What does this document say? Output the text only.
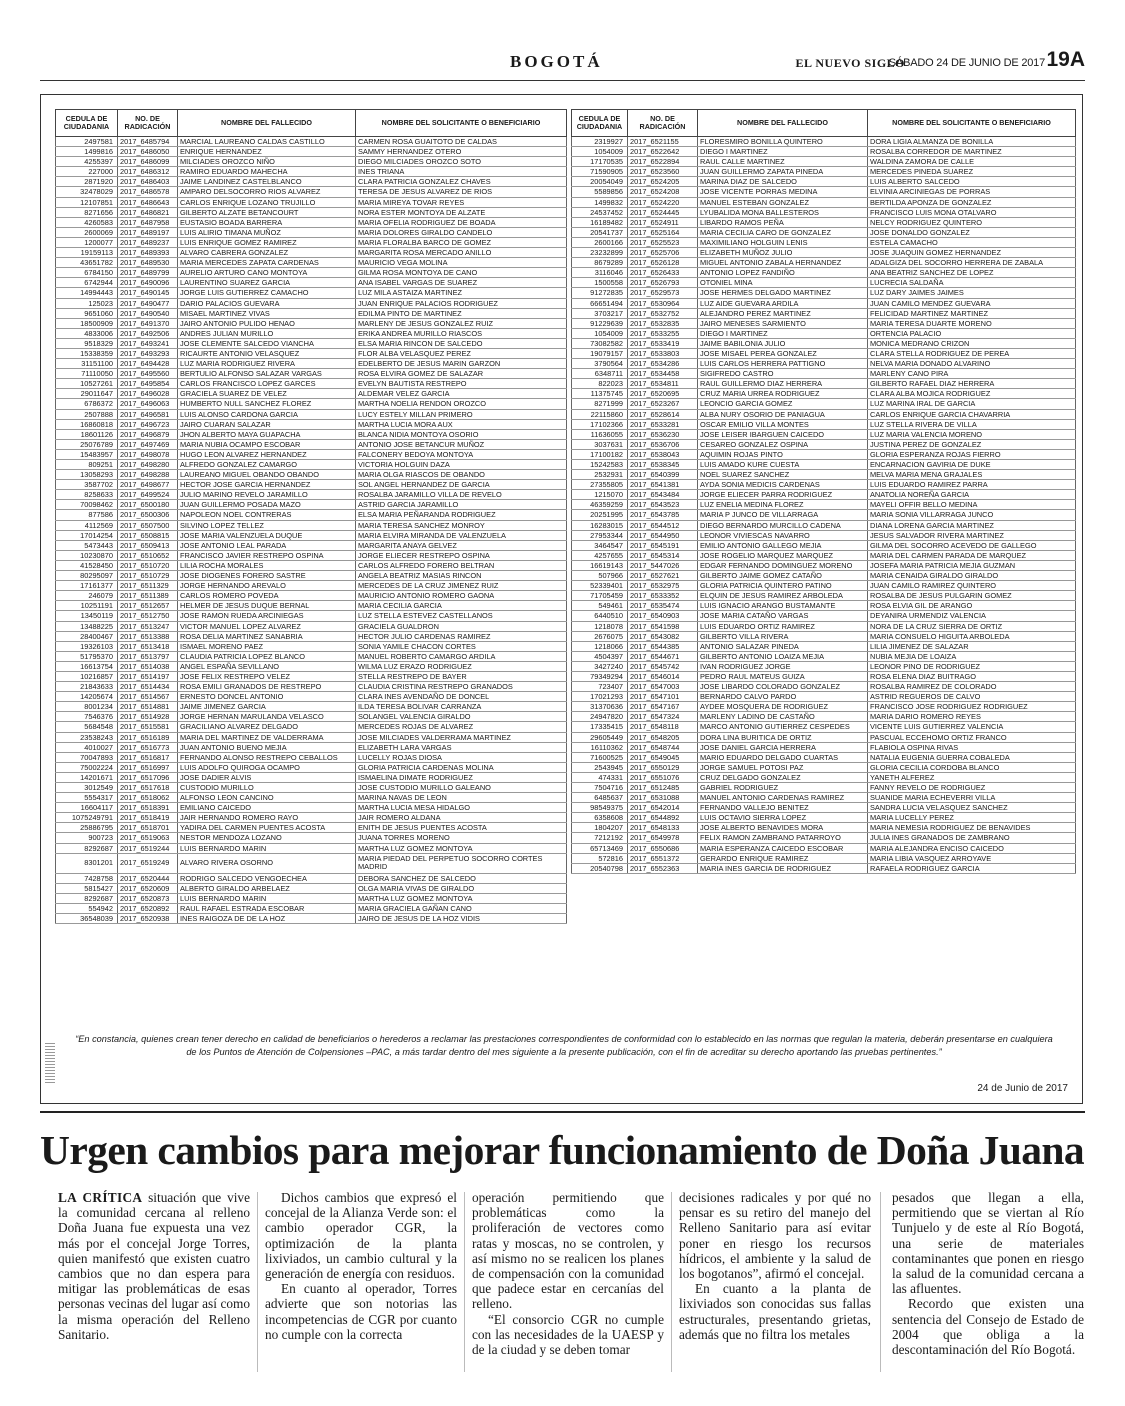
BOGOTÁ	EL NUEVO SIGLO
SÁBADO 24 DE JUNIO DE 2017 19A
CEDULA DE CIUDADANIA	NO. DE RADICACIÓN	NOMBRE DEL FALLECIDO	NOMBRE DEL SOLICITANTE O BENEFICIARIO
2497581	2017_6485794	MARCIAL LAUREANO CALDAS CASTILLO	CARMEN ROSA GUAITOTO DE CALDAS
1499816	2017_6486050	ENRIQUE HERNANDEZ	SAMMY HERNANDEZ OTERO
4255397	2017_6486099	MILCIADES OROZCO NIÑO	DIEGO MILCIADES OROZCO SOTO
227000	2017_6486312	RAMIRO EDUARDO MAHECHA	INES TRIANA
2871920	2017_6486403	JAIME LANDINEZ CASTELBLANCO	CLARA PATRICIA GONZALEZ CHAVES
32478029	2017_6486578	AMPARO DELSOCORRO RIOS ALVAREZ	TERESA DE JESUS ALVAREZ DE RIOS
12107851	2017_6486643	CARLOS ENRIQUE LOZANO TRUJILLO	MARIA MIREYA TOVAR REYES
8271656	2017_6486821	GILBERTO ALZATE BETANCOURT	NORA ESTER MONTOYA DE ALZATE
4260583	2017_6487958	EUSTASIO BOADA BARRERA	MARIA OFELIA RODRIGUEZ DE BOADA
2600069	2017_6489197	LUIS ALIRIO TIMANA MUÑOZ	MARIA DOLORES GIRALDO CANDELO
1200077	2017_6489237	LUIS ENRIQUE GOMEZ RAMIREZ	MARIA FLORALBA BARCO DE GOMEZ
19159113	2017_6489393	ALVARO CABRERA GONZALEZ	MARGARITA ROSA MERCADO ANILLO
43651782	2017_6489530	MARIA MERCEDES ZAPATA CARDENAS	MAURICIO VEGA MOLINA
6784150	2017_6489799	AURELIO ARTURO CANO MONTOYA	GILMA ROSA MONTOYA DE CANO
6742944	2017_6490096	LAURENTINO SUAREZ GARCIA	ANA ISABEL VARGAS DE SUAREZ
14994443	2017_6490145	JORGE LUIS GUTIERREZ CAMACHO	LUZ MILA ASTAIZA MARTINEZ
125023	2017_6490477	DARIO PALACIOS GUEVARA	JUAN ENRIQUE PALACIOS RODRIGUEZ
9651060	2017_6490540	MISAEL MARTINEZ VIVAS	EDILMA PINTO DE MARTINEZ
18500909	2017_6491370	JAIRO ANTONIO PULIDO HENAO	MARLENY DE JESUS GONZALEZ RUIZ
4833006	2017_6492506	ANDRES JULIAN MURILLO	ERIKA ANDREA MURILLO RIASCOS
9518329	2017_6493241	JOSE CLEMENTE SALCEDO VIANCHA	ELSA MARIA RINCON DE SALCEDO
15338359	2017_6493293	RICAURTE ANTONIO VELASQUEZ	FLOR ALBA VELASQUEZ PEREZ
31151100	2017_6494428	LUZ MARIA RODRIGUEZ RIVERA	EDELBERTO DE JESUS MARIN GARZON
71110050	2017_6495560	BERTULIO ALFONSO SALAZAR VARGAS	ROSA ELVIRA GOMEZ DE SALAZAR
10527261	2017_6495854	CARLOS FRANCISCO LOPEZ GARCES	EVELYN BAUTISTA RESTREPO
29011647	2017_6496028	GRACIELA SUAREZ DE VELEZ	ALDEMAR VELEZ GARCIA
6786372	2017_6496063	HUMBERTO NULL SANCHEZ FLOREZ	MARTHA NOELIA RENDON OROZCO
2507888	2017_6496581	LUIS ALONSO CARDONA GARCIA	LUCY ESTELY MILLAN PRIMERO
16860818	2017_6496723	JAIRO CUARAN SALAZAR	MARTHA LUCIA MORA AUX
18601126	2017_6496879	JHON ALBERTO MAYA GUAPACHA	BLANCA NIDIA MONTOYA OSORIO
25076789	2017_6497469	MARIA NUBIA OCAMPO ESCOBAR	ANTONIO JOSE BETANCUR MUÑOZ
15483957	2017_6498078	HUGO LEON ALVAREZ HERNANDEZ	FALCONERY BEDOYA MONTOYA
809251	2017_6498280	ALFREDO GONZALEZ CAMARGO	VICTORIA HOLGUIN DAZA
13058293	2017_6498288	LAUREANO MIGUEL OBANDO OBANDO	MARIA OLGA RIASCOS DE OBANDO
3587702	2017_6498677	HECTOR JOSE GARCIA HERNANDEZ	SOL ANGEL HERNANDEZ DE GARCIA
8258633	2017_6499524	JULIO MARINO REVELO JARAMILLO	ROSALBA JARAMILLO VILLA DE REVELO
70098462	2017_6500180	JUAN GUILLERMO POSADA MAZO	ASTRID GARCIA JARAMILLO
877586	2017_6500306	NAPOLEON NOEL CONTRERAS	ELSA MARIA PEÑARANDA RODRIGUEZ
4112569	2017_6507500	SILVINO LOPEZ TELLEZ	MARIA TERESA SANCHEZ MONROY
17014254	2017_6508815	JOSE MARIA VALENZUELA DUQUE	MARIA ELVIRA MIRANDA DE VALENZUELA
5473443	2017_6509413	JOSE ANTONIO LEAL PARADA	MARGARITA ANAYA GELVEZ
10230870	2017_6510652	FRANCISCO JAVIER RESTREPO OSPINA	JORGE ELIECER RESTREPO OSPINA
41528450	2017_6510720	LILIA ROCHA MORALES	CARLOS ALFREDO FORERO BELTRAN
80295097	2017_6510729	JOSE DIOGENES FORERO SASTRE	ANGELA BEATRIZ MASIAS RINCON
17161377	2017_6511329	JORGE HERNANDO AREVALO	MERCEDES DE LA CRUZ JIMENEZ RUIZ
246079	2017_6511389	CARLOS ROMERO POVEDA	MAURICIO ANTONIO ROMERO GAONA
10251191	2017_6512657	HELMER DE JESUS DUQUE BERNAL	MARIA CECILIA GARCIA
13450119	2017_6512750	JOSE RAMON RUEDA ARCINIEGAS	LUZ STELLA ESTEVEZ CASTELLANOS
13488225	2017_6513247	VICTOR MANUEL LOPEZ ALVAREZ	GRACIELA GUALDRON
28400467	2017_6513388	ROSA DELIA MARTINEZ SANABRIA	HECTOR JULIO CARDENAS RAMIREZ
19326103	2017_6513418	ISMAEL MORENO PAEZ	SONIA YAMILE CHACON CORTES
51795370	2017_6513797	CLAUDIA PATRICIA LOPEZ BLANCO	MANUEL ROBERTO CAMARGO ARDILA
16613754	2017_6514038	ANGEL ESPAÑA SEVILLANO	WILMA LUZ ERAZO RODRIGUEZ
10216857	2017_6514197	JOSE FELIX RESTREPO VELEZ	STELLA RESTREPO DE BAYER
21843633	2017_6514434	ROSA EMILI GRANADOS DE RESTREPO	CLAUDIA CRISTINA RESTREPO GRANADOS
14205674	2017_6514567	ERNESTO DONCEL ANTONIO	CLARA INES AVENDAÑO DE DONCEL
8001234	2017_6514881	JAIME JIMENEZ GARCIA	ILDA TERESA BOLIVAR CARRANZA
7546376	2017_6514928	JORGE HERNAN MARULANDA VELASCO	SOLANGEL VALENCIA GIRALDO
5684548	2017_6515581	GRACILIANO ALVAREZ DELGADO	MERCEDES ROJAS DE ALVAREZ
23538243	2017_6516189	MARIA DEL MARTINEZ DE VALDERRAMA	JOSE MILCIADES VALDERRAMA MARTINEZ
4010027	2017_6516773	JUAN ANTONIO BUENO MEJIA	ELIZABETH LARA VARGAS
70047893	2017_6516817	FERNANDO ALONSO RESTREPO CEBALLOS	LUCELLY ROJAS DIOSA
75002224	2017_6516997	LUIS ADOLFO QUIROGA OCAMPO	GLORIA PATRICIA CARDENAS MOLINA
14201671	2017_6517096	JOSE DADIER ALVIS	ISMAELINA DIMATE RODRIGUEZ
3012549	2017_6517618	CUSTODIO MURILLO	JOSE CUSTODIO MURILLO GALEANO
5554317	2017_6518062	ALFONSO LEON CANCINO	MARINA NAVAS DE LEON
16604117	2017_6518391	EMILIANO CAICEDO	MARTHA LUCIA MESA HIDALGO
1075249791	2017_6518419	JAIR HERNANDO ROMERO RAYO	JAIR ROMERO ALDANA
25886795	2017_6518701	YADIRA DEL CARMEN PUENTES ACOSTA	ENITH DE JESUS PUENTES ACOSTA
900723	2017_6519063	NESTOR MENDOZA LOZANO	JUANA TORRES MORENO
8292687	2017_6519244	LUIS BERNARDO MARIN	MARTHA LUZ GOMEZ MONTOYA
8301201	2017_6519249	ALVARO RIVERA OSORNO	MARIA PIEDAD DEL PERPETUO SOCORRO CORTES MADRID
7428758	2017_6520444	RODRIGO SALCEDO VENGOECHEA	DEBORA SANCHEZ DE SALCEDO
5815427	2017_6520609	ALBERTO GIRALDO ARBELAEZ	OLGA MARIA VIVAS DE GIRALDO
8292687	2017_6520873	LUIS BERNARDO MARIN	MARTHA LUZ GOMEZ MONTOYA
554942	2017_6520892	RAUL RAFAEL ESTRADA ESCOBAR	MARIA GRACIELA GAÑAN CANO
36548039	2017_6520938	INES RAIGOZA DE DE LA HOZ	JAIRO DE JESUS DE LA HOZ VIDIS
CEDULA DE CIUDADANIA	NO. DE RADICACIÓN	NOMBRE DEL FALLECIDO	NOMBRE DEL SOLICITANTE O BENEFICIARIO
2319927	2017_6521155	FLORESMIRO BONILLA QUINTERO	DORA LIGIA ALMANZA DE BONILLA
1054009	2017_6522642	DIEGO I MARTINEZ	ROSALBA CORREDOR DE MARTINEZ
17170535	2017_6522894	RAUL CALLE MARTINEZ	WALDINA ZAMORA DE CALLE
71590905	2017_6523560	JUAN GUILLERMO ZAPATA PINEDA	MERCEDES PINEDA SUAREZ
20054049	2017_6524205	MARINA DIAZ DE SALCEDO	LUIS ALBERTO SALCEDO
5589856	2017_6524208	JOSE VICENTE PORRAS MEDINA	ELVINIA ARCINIEGAS DE PORRAS
1499832	2017_6524220	MANUEL ESTEBAN GONZALEZ	BERTILDA APONZA DE GONZALEZ
24537452	2017_6524445	LYUBALIDA MONA BALLESTEROS	FRANCISCO LUIS MONA OTALVARO
16189482	2017_6524911	LIBARDO RAMOS PEÑA	NELCY RODRIGUEZ QUINTERO
20541737	2017_6525164	MARIA CECILIA CARO DE GONZALEZ	JOSE DONALDO GONZALEZ
2600166	2017_6525523	MAXIMILIANO HOLGUIN LENIS	ESTELA CAMACHO
23232899	2017_6525706	ELIZABETH MUÑOZ JULIO	JOSE JUAQUIN GOMEZ HERNANDEZ
8679289	2017_6526128	MIGUEL ANTONIO ZABALA HERNANDEZ	ADALGIZA DEL SOCORRO HERRERA DE ZABALA
3116046	2017_6526433	ANTONIO LOPEZ FANDIÑO	ANA BEATRIZ SANCHEZ DE LOPEZ
1500558	2017_6526793	OTONIEL MINA	LUCRECIA SALDAÑA
91272835	2017_6529573	JOSE HERMES DELGADO MARTINEZ	LUZ DARY JAIMES JAIMES
66651494	2017_6530964	LUZ AIDE GUEVARA ARDILA	JUAN CAMILO MENDEZ GUEVARA
3703217	2017_6532752	ALEJANDRO PEREZ MARTINEZ	FELICIDAD MARTINEZ MARTINEZ
91229639	2017_6532835	JAIRO MENESES SARMIENTO	MARIA TERESA DUARTE MORENO
1054009	2017_6533255	DIEGO I MARTINEZ	ORTENCIA PALACIO
73082582	2017_6533419	JAIME BABILONIA JULIO	MONICA MEDRANO CRIZON
19079157	2017_6533803	JOSE MISAEL PEREA GONZALEZ	CLARA STELLA RODRIGUEZ DE PEREA
3790564	2017_6534286	LUIS CARLOS HERRERA PATTIGNO	NELVA MARIA DONADO ALVARINO
6348711	2017_6534458	SIGIFREDO CASTRO	MARLENY CANO PIRA
822023	2017_6534811	RAUL GUILLERMO DIAZ HERRERA	GILBERTO RAFAEL DIAZ HERRERA
11375745	2017_6520695	CRUZ MARIA URREA RODRIGUEZ	CLARA ALBA MOJICA RODRIGUEZ
8271999	2017_6523267	LEONCIO GARCIA GOMEZ	LUZ MARINA IRAL DE GARCIA
22115860	2017_6528614	ALBA NURY OSORIO DE PANIAGUA	CARLOS ENRIQUE GARCIA CHAVARRIA
17102366	2017_6533281	OSCAR EMILIO VILLA MONTES	LUZ STELLA RIVERA DE VILLA
11636055	2017_6536230	JOSE LEISER IBARGUEN CAICEDO	LUZ MARIA VALENCIA MORENO
3037631	2017_6536706	CESAREO GONZALEZ OSPINA	JUSTINA PEREZ DE GONZALEZ
17100182	2017_6538043	AQUIMIN ROJAS PINTO	GLORIA ESPERANZA ROJAS FIERRO
15242583	2017_6538345	LUIS AMADO KURE CUESTA	ENCARNACION GAVIRIA DE DUKE
2532931	2017_6540399	NOEL SUAREZ SANCHEZ	MELVA MARIA MENA GRAJALES
27355805	2017_6541381	AYDA SONIA MEDICIS CARDENAS	LUIS EDUARDO RAMIREZ PARRA
1215070	2017_6543484	JORGE ELIECER PARRA RODRIGUEZ	ANATOLIA NOREÑA GARCIA
46359259	2017_6543523	LUZ ENELIA MEDINA FLOREZ	MAYELI OFFIR BELLO MEDINA
20251995	2017_6543785	MARIA P JUNCO DE VILLARRAGA	MARIA SONIA VILLARRAGA JUNCO
16283015	2017_6544512	DIEGO BERNARDO MURCILLO CADENA	DIANA LORENA GARCIA MARTINEZ
27953344	2017_6544950	LEONOR VIVIESCAS NAVARRO	JESUS SALVADOR RIVERA MARTINEZ
3464547	2017_6545191	EMILIO ANTONIO GALLEGO MEJIA	GILMA DEL SOCORRO ACEVEDO DE GALLEGO
4257655	2017_6545314	JOSE ROGELIO MARQUEZ MARQUEZ	MARIA DEL CARMEN PARADA DE MARQUEZ
16619143	2017_5447026	EDGAR FERNANDO DOMINGUEZ MORENO	JOSEFA MARIA PATRICIA MEJIA GUZMAN
507966	2017_6527621	GILBERTO JAIME GOMEZ CATAÑO	MARIA CENAIDA GIRALDO GIRALDO
52339401	2017_6532975	GLORIA PATRICIA QUINTERO PATINO	JUAN CAMILO RAMIREZ QUINTERO
71705459	2017_6533352	ELQUIN DE JESUS RAMIREZ ARBOLEDA	ROSALBA DE JESUS PULGARIN GOMEZ
549461	2017_6535474	LUIS IGNACIO ARANGO BUSTAMANTE	ROSA ELVIA GIL DE ARANGO
6440510	2017_6540903	JOSE MARIA CATAÑO VARGAS	DEYANIRA URMENDIZ VALENCIA
1218078	2017_6541598	LUIS EDUARDO ORTIZ RAMIREZ	NORA DE LA CRUZ SIERRA DE ORTIZ
2676075	2017_6543082	GILBERTO VILLA RIVERA	MARIA CONSUELO HIGUITA ARBOLEDA
1218066	2017_6544385	ANTONIO SALAZAR PINEDA	LILIA JIMENEZ DE SALAZAR
4504397	2017_6544671	GILBERTO ANTONIO LOAIZA MEJIA	NUBIA MEJIA DE LOAIZA
3427240	2017_6545742	IVAN RODRIGUEZ JORGE	LEONOR PINO DE RODRIGUEZ
79349294	2017_6546014	PEDRO RAUL MATEUS GUIZA	ROSA ELENA DIAZ BUITRAGO
723407	2017_6547003	JOSE LIBARDO COLORADO GONZALEZ	ROSALBA RAMIREZ DE COLORADO
17021293	2017_6547101	BERNARDO CALVO PARDO	ASTRID REGUEROS DE CALVO
31370636	2017_6547167	AYDEE MOSQUERA DE RODRIGUEZ	FRANCISCO JOSE RODRIGUEZ RODRIGUEZ
24947820	2017_6547324	MARLENY LADINO DE CASTAÑO	MARIA DARIO ROMERO REYES
17335415	2017_6548118	MARCO ANTONIO GUTIERREZ CESPEDES	VICENTE LUIS GUTIERREZ VALENCIA
29605449	2017_6548205	DORA LINA BURITICA DE ORTIZ	PASCUAL ECCEHOMO ORTIZ FRANCO
16110362	2017_6548744	JOSE DANIEL GARCIA HERRERA	FLABIOLA OSPINA RIVAS
71600525	2017_6549045	MARIO EDUARDO DELGADO CUARTAS	NATALIA EUGENIA GUERRA COBALEDA
2543945	2017_6550129	JORGE SAMUEL POTOSI PAZ	GLORIA CECILIA CORDOBA BLANCO
474331	2017_6551076	CRUZ DELGADO GONZALEZ	YANETH ALFEREZ
7504716	2017_6512485	GABRIEL RODRIGUEZ	FANNY REVELO DE RODRIGUEZ
6485637	2017_6531088	MANUEL ANTONIO CARDENAS RAMIREZ	SUANIDE MARIA ECHEVERRI VILLA
98549375	2017_6542014	FERNANDO VALLEJO BENITEZ	SANDRA LUCIA VELASQUEZ SANCHEZ
6358608	2017_6544892	LUIS OCTAVIO SIERRA LOPEZ	MARIA LUCELLY PEREZ
1804207	2017_6548133	JOSE ALBERTO BENAVIDES MORA	MARIA NEMESIA RODRIGUEZ DE BENAVIDES
7212192	2017_6549978	FELIX RAMON ZAMBRANO PATARROYO	JULIA INES GRANADOS DE ZAMBRANO
65713469	2017_6550686	MARIA ESPERANZA CAICEDO ESCOBAR	MARIA ALEJANDRA ENCISO CAICEDO
572816	2017_6551372	GERARDO ENRIQUE RAMIREZ	MARIA LIBIA VASQUEZ ARROYAVE
20540798	2017_6552363	MARIA INES GARCIA DE RODRIGUEZ	RAFAELA RODRIGUEZ GARCIA
“En constancia, quienes crean tener derecho en calidad de beneficiarios o herederos a reclamar las prestaciones correspondientes de conformidad con lo establecido en las normas que regulan la materia, deberán presentarse en cualquiera de los Puntos de Atención de Colpensiones –PAC, a más tardar dentro del mes siguiente a la presente publicación, con el fin de acreditar su derecho aportando las pruebas pertinentes.”
24 de Junio de 2017
Urgen cambios para mejorar funcionamiento de Doña Juana

LA CRÍTICA situación que vive la comunidad cercana al relleno Doña Juana fue expuesta una vez más por el concejal Jorge Torres, quien manifestó que existen cuatro cambios que no dan espera para mitigar las problemáticas de esas personas vecinas del lugar así como la misma operación del Relleno Sanitario.

Dichos cambios que expresó el concejal de la Alianza Verde son: el cambio operador CGR, la optimización de la planta lixiviados, un cambio cultural y la generación de energía con residuos.

En cuanto al operador, Torres advierte que son notorias las incompetencias de CGR por cuanto no cumple con la correcta

operación permitiendo que problemáticas como la proliferación de vectores como ratas y moscas, no se controlen, y así mismo no se realicen los planes de compensación con la comunidad que padece estar en cercanías del relleno.

“El consorcio CGR no cumple con las necesidades de la UAESP y de la ciudad y se deben tomar

decisiones radicales y por qué no pensar es su retiro del manejo del Relleno Sanitario para así evitar poner en riesgo los recursos hídricos, el ambiente y la salud de los bogotanos”, afirmó el concejal.

En cuanto a la planta de lixiviados son conocidas sus fallas estructurales, presentando grietas, además que no filtra los metales

pesados que llegan a ella, permitiendo que se viertan al Río Tunjuelo y de este al Río Bogotá, una serie de materiales contaminantes que ponen en riesgo la salud de la comunidad cercana a las afluentes.

Recordo que existen una sentencia del Consejo de Estado de 2004 que obliga a la descontaminación del Río Bogotá.
